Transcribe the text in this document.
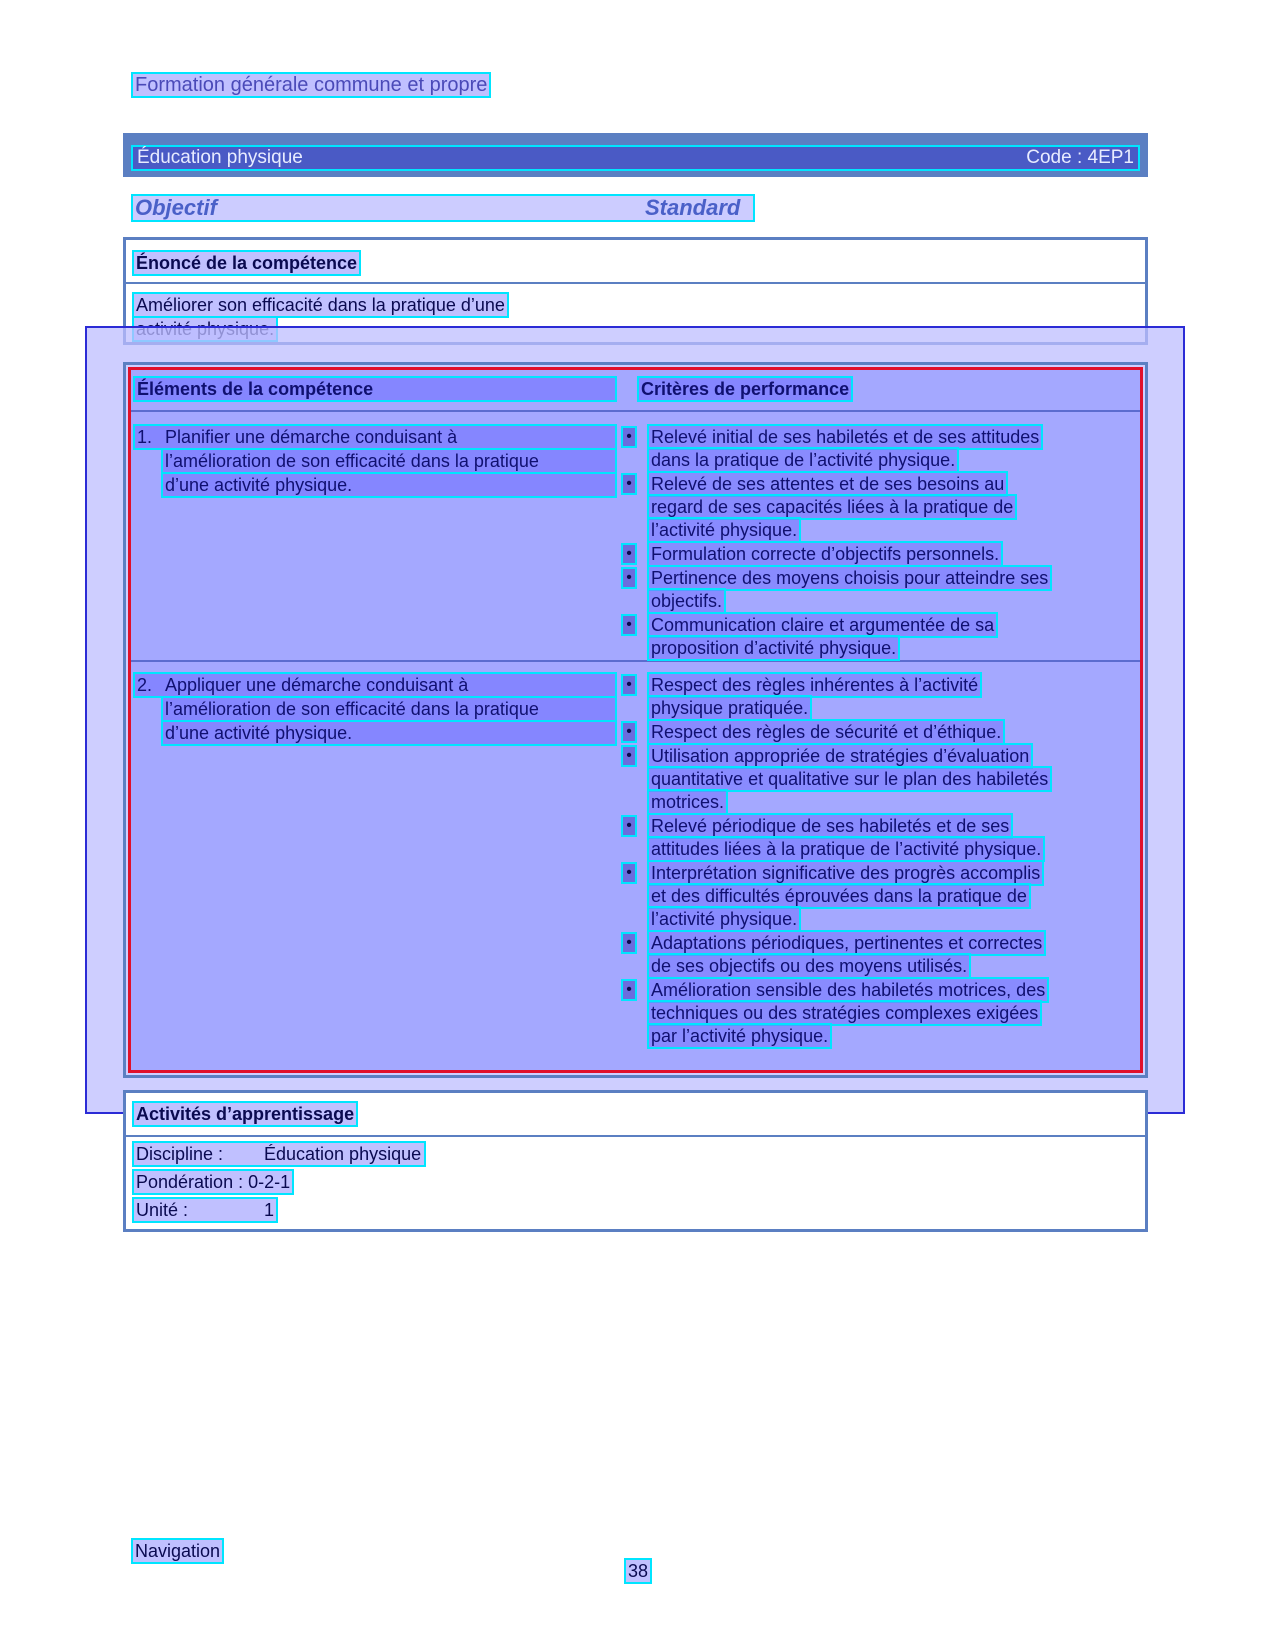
Formation générale commune et propre
Éducation physique	Code : 4EP1
Objectif	Standard
Énoncé de la compétence
Améliorer son efficacité dans la pratique d’une
Éléments de la compétence	Critères de performance
1. Planifier une démarche conduisant à
l’amélioration de son efficacité dans la pratique
d’une activité physique.
• Relevé initial de ses habiletés et de ses attitudes
dans la pratique de l’activité physique.
• Relevé de ses attentes et de ses besoins au
regard de ses capacités liées à la pratique de
l’activité physique.
• Formulation correcte d’objectifs personnels.
• Pertinence des moyens choisis pour atteindre ses
objectifs.
• Communication claire et argumentée de sa
proposition d’activité physique.
2. Appliquer une démarche conduisant à
l’amélioration de son efficacité dans la pratique
d’une activité physique.
• Respect des règles inhérentes à l’activité
physique pratiquée.
• Respect des règles de sécurité et d’éthique.
• Utilisation appropriée de stratégies d’évaluation
quantitative et qualitative sur le plan des habiletés
motrices.
• Relevé périodique de ses habiletés et de ses
attitudes liées à la pratique de l’activité physique.
• Interprétation significative des progrès accomplis
et des difficultés éprouvées dans la pratique de
l’activité physique.
• Adaptations périodiques, pertinentes et correctes
de ses objectifs ou des moyens utilisés.
• Amélioration sensible des habiletés motrices, des
techniques ou des stratégies complexes exigées
par l’activité physique.
Activités d’apprentissage
Discipline : Éducation physique
Pondération : 0-2-1
Unité :	1
Navigation
38
